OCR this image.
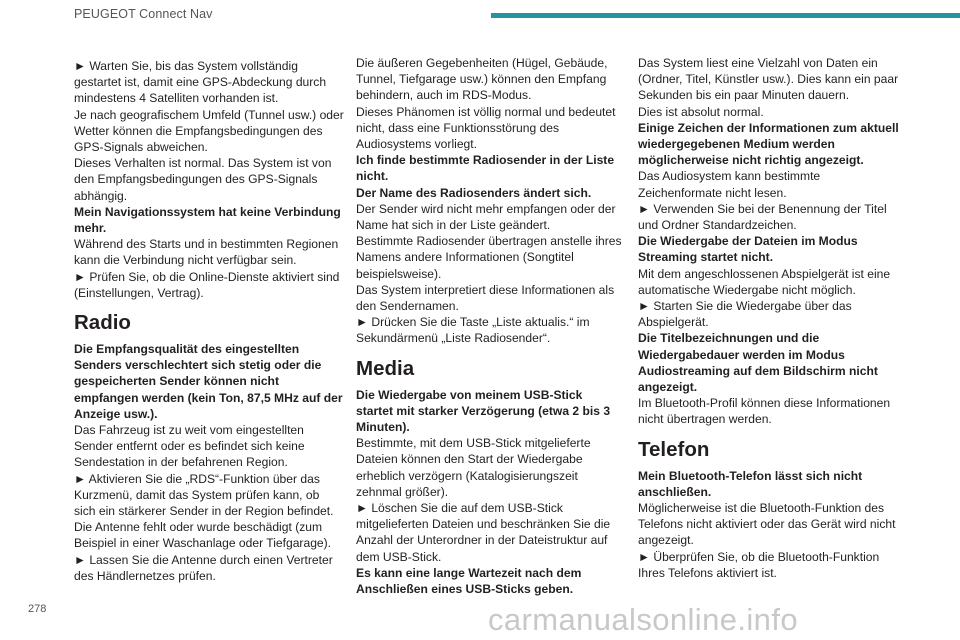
PEUGEOT Connect Nav

► Warten Sie, bis das System vollständig gestartet ist, damit eine GPS-Abdeckung durch mindestens 4 Satelliten vorhanden ist.

Je nach geografischem Umfeld (Tunnel usw.) oder Wetter können die Empfangsbedingungen des GPS-Signals abweichen.

Dieses Verhalten ist normal. Das System ist von den Empfangsbedingungen des GPS-Signals abhängig.

Mein Navigationssystem hat keine Verbindung mehr.

Während des Starts und in bestimmten Regionen kann die Verbindung nicht verfügbar sein.

► Prüfen Sie, ob die Online-Dienste aktiviert sind (Einstellungen, Vertrag).

Radio

Die Empfangsqualität des eingestellten Senders verschlechtert sich stetig oder die gespeicherten Sender können nicht empfangen werden (kein Ton, 87,5 MHz auf der Anzeige usw.).

Das Fahrzeug ist zu weit vom eingestellten Sender entfernt oder es befindet sich keine Sendestation in der befahrenen Region.

► Aktivieren Sie die „RDS“-Funktion über das Kurzmenü, damit das System prüfen kann, ob sich ein stärkerer Sender in der Region befindet.

Die Antenne fehlt oder wurde beschädigt (zum Beispiel in einer Waschanlage oder Tiefgarage).

► Lassen Sie die Antenne durch einen Vertreter des Händlernetzes prüfen.

Die äußeren Gegebenheiten (Hügel, Gebäude, Tunnel, Tiefgarage usw.) können den Empfang behindern, auch im RDS-Modus.

Dieses Phänomen ist völlig normal und bedeutet nicht, dass eine Funktionsstörung des Audiosystems vorliegt.

Ich finde bestimmte Radiosender in der Liste nicht.

Der Name des Radiosenders ändert sich.

Der Sender wird nicht mehr empfangen oder der Name hat sich in der Liste geändert.

Bestimmte Radiosender übertragen anstelle ihres Namens andere Informationen (Songtitel beispielsweise).

Das System interpretiert diese Informationen als den Sendernamen.

► Drücken Sie die Taste „Liste aktualis.“ im Sekundärmenü „Liste Radiosender“.

Media

Die Wiedergabe von meinem USB-Stick startet mit starker Verzögerung (etwa 2 bis 3 Minuten).

Bestimmte, mit dem USB-Stick mitgelieferte Dateien können den Start der Wiedergabe erheblich verzögern (Katalogisierungszeit zehnmal größer).

► Löschen Sie die auf dem USB-Stick mitgelieferten Dateien und beschränken Sie die Anzahl der Unterordner in der Dateistruktur auf dem USB-Stick.

Es kann eine lange Wartezeit nach dem Anschließen eines USB-Sticks geben.

Das System liest eine Vielzahl von Daten ein (Ordner, Titel, Künstler usw.). Dies kann ein paar Sekunden bis ein paar Minuten dauern.

Dies ist absolut normal.

Einige Zeichen der Informationen zum aktuell wiedergegebenen Medium werden möglicherweise nicht richtig angezeigt.

Das Audiosystem kann bestimmte Zeichenformate nicht lesen.

► Verwenden Sie bei der Benennung der Titel und Ordner Standardzeichen.

Die Wiedergabe der Dateien im Modus Streaming startet nicht.

Mit dem angeschlossenen Abspielgerät ist eine automatische Wiedergabe nicht möglich.

► Starten Sie die Wiedergabe über das Abspielgerät.

Die Titelbezeichnungen und die Wiedergabedauer werden im Modus Audiostreaming auf dem Bildschirm nicht angezeigt.

Im Bluetooth-Profil können diese Informationen nicht übertragen werden.

Telefon

Mein Bluetooth-Telefon lässt sich nicht anschließen.

Möglicherweise ist die Bluetooth-Funktion des Telefons nicht aktiviert oder das Gerät wird nicht angezeigt.

► Überprüfen Sie, ob die Bluetooth-Funktion Ihres Telefons aktiviert ist.

278	carmanualsonline.info
